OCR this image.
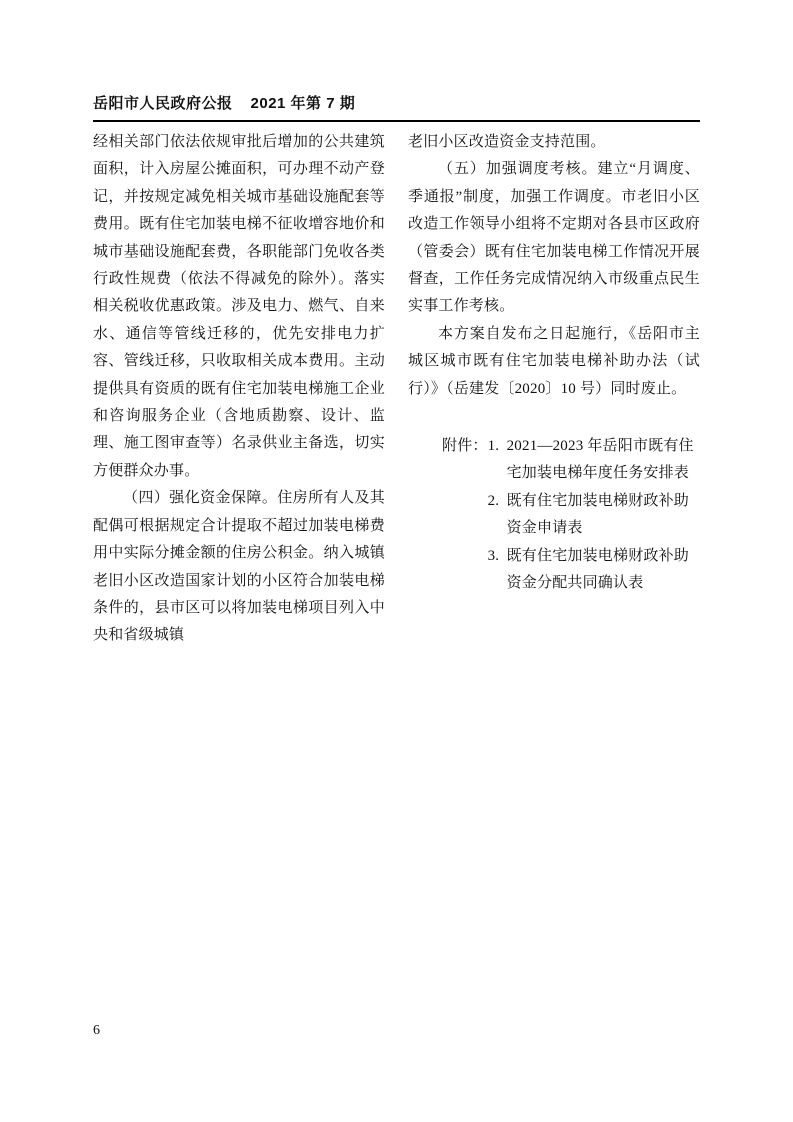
岳阳市人民政府公报 2021 年第 7 期

经相关部门依法依规审批后增加的公共建筑面积，计入房屋公摊面积，可办理不动产登记，并按规定减免相关城市基础设施配套等费用。既有住宅加装电梯不征收增容地价和城市基础设施配套费，各职能部门免收各类行政性规费（依法不得减免的除外）。落实相关税收优惠政策。涉及电力、燃气、自来水、通信等管线迁移的，优先安排电力扩容、管线迁移，只收取相关成本费用。主动提供具有资质的既有住宅加装电梯施工企业和咨询服务企业（含地质勘察、设计、监理、施工图审查等）名录供业主备选，切实方便群众办事。

（四）强化资金保障。住房所有人及其配偶可根据规定合计提取不超过加装电梯费用中实际分摊金额的住房公积金。纳入城镇老旧小区改造国家计划的小区符合加装电梯条件的，县市区可以将加装电梯项目列入中央和省级城镇

老旧小区改造资金支持范围。

（五）加强调度考核。建立“月调度、季通报”制度，加强工作调度。市老旧小区改造工作领导小组将不定期对各县市区政府（管委会）既有住宅加装电梯工作情况开展督查，工作任务完成情况纳入市级重点民生实事工作考核。

本方案自发布之日起施行，《岳阳市主城区城市既有住宅加装电梯补助办法（试行）》（岳建发〔2020〕10 号）同时废止。

附件： 1. 2021—2023 年岳阳市既有住宅加装电梯年度任务安排表
2. 既有住宅加装电梯财政补助资金申请表
3. 既有住宅加装电梯财政补助资金分配共同确认表
6
